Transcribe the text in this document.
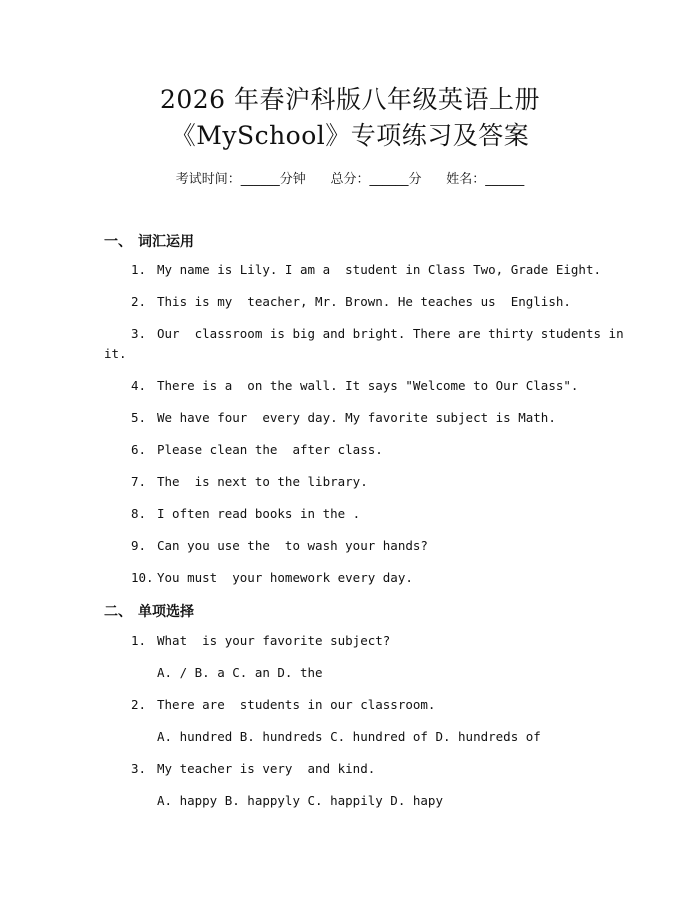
2026 年春沪科版八年级英语上册
《MySchool》专项练习及答案
考试时间：______分钟      总分：______分      姓名：______
一、 词汇运用
1. My name is Lily. I am a  student in Class Two, Grade Eight.
2. This is my  teacher, Mr. Brown. He teaches us  English.
3. Our  classroom is big and bright. There are thirty students in
it.
4. There is a  on the wall. It says "Welcome to Our Class".
5. We have four  every day. My favorite subject is Math.
6. Please clean the  after class.
7. The  is next to the library.
8. I often read books in the .
9. Can you use the  to wash your hands?
10. You must  your homework every day.
二、 单项选择
1. What  is your favorite subject?
A. / B. a C. an D. the
2. There are  students in our classroom.
A. hundred B. hundreds C. hundred of D. hundreds of
3. My teacher is very  and kind.
A. happy B. happyly C. happily D. hapy
